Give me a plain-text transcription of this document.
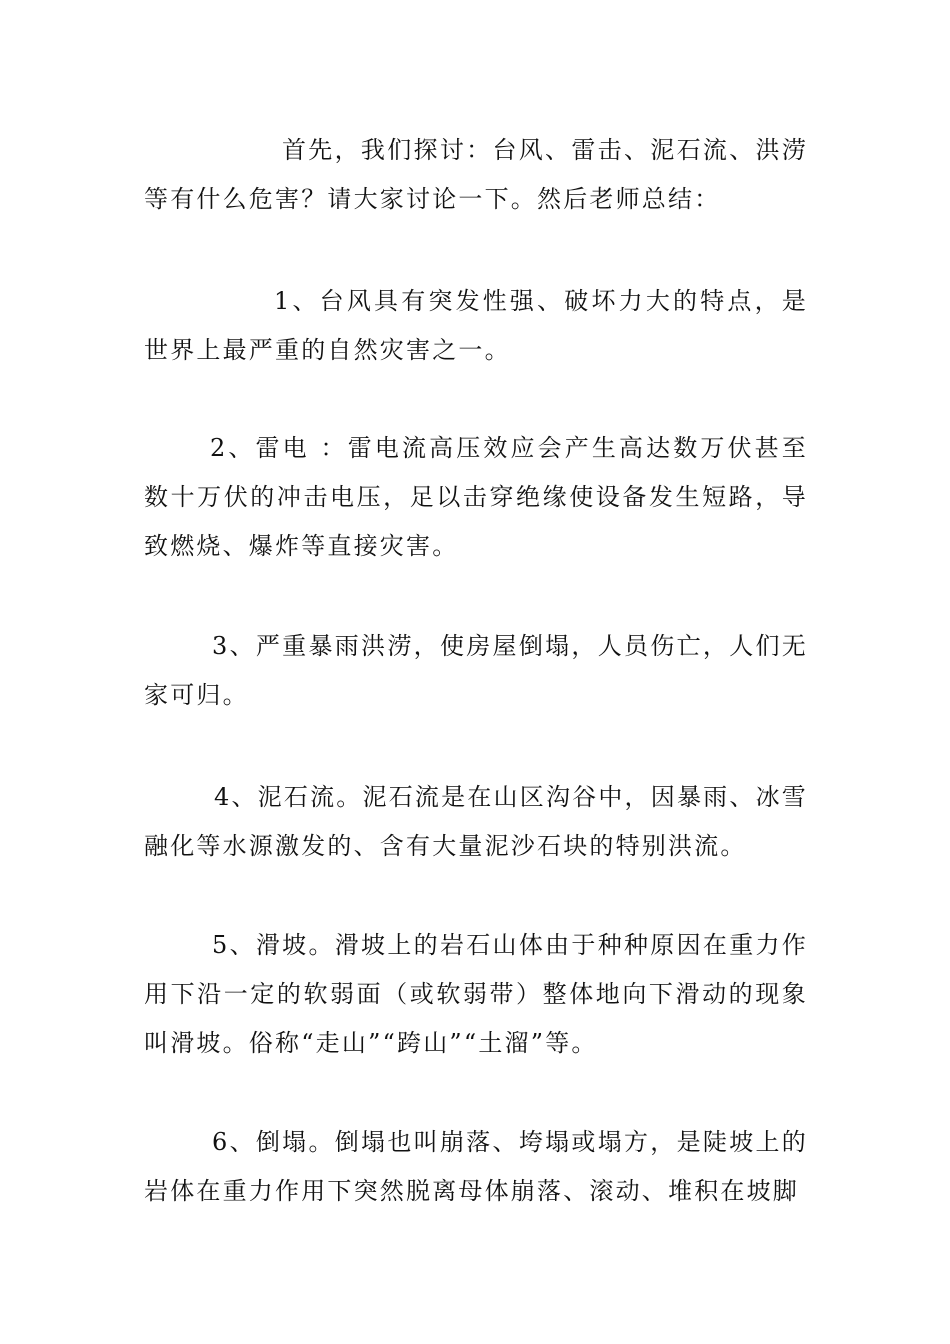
首先，我们探讨：台风、雷击、泥石流、洪涝等有什么危害？请大家讨论一下。然后老师总结：

1、台风具有突发性强、破坏力大的特点，是世界上最严重的自然灾害之一。

2、雷电 ：雷电流高压效应会产生高达数万伏甚至数十万伏的冲击电压，足以击穿绝缘使设备发生短路，导致燃烧、爆炸等直接灾害。

3、严重暴雨洪涝，使房屋倒塌，人员伤亡，人们无家可归。

4、泥石流。泥石流是在山区沟谷中，因暴雨、冰雪融化等水源激发的、含有大量泥沙石块的特别洪流。

5、滑坡。滑坡上的岩石山体由于种种原因在重力作用下沿一定的软弱面（或软弱带）整体地向下滑动的现象叫滑坡。俗称“走山”“跨山”“土溜”等。

6、倒塌。倒塌也叫崩落、垮塌或塌方，是陡坡上的岩体在重力作用下突然脱离母体崩落、滚动、堆积在坡脚
